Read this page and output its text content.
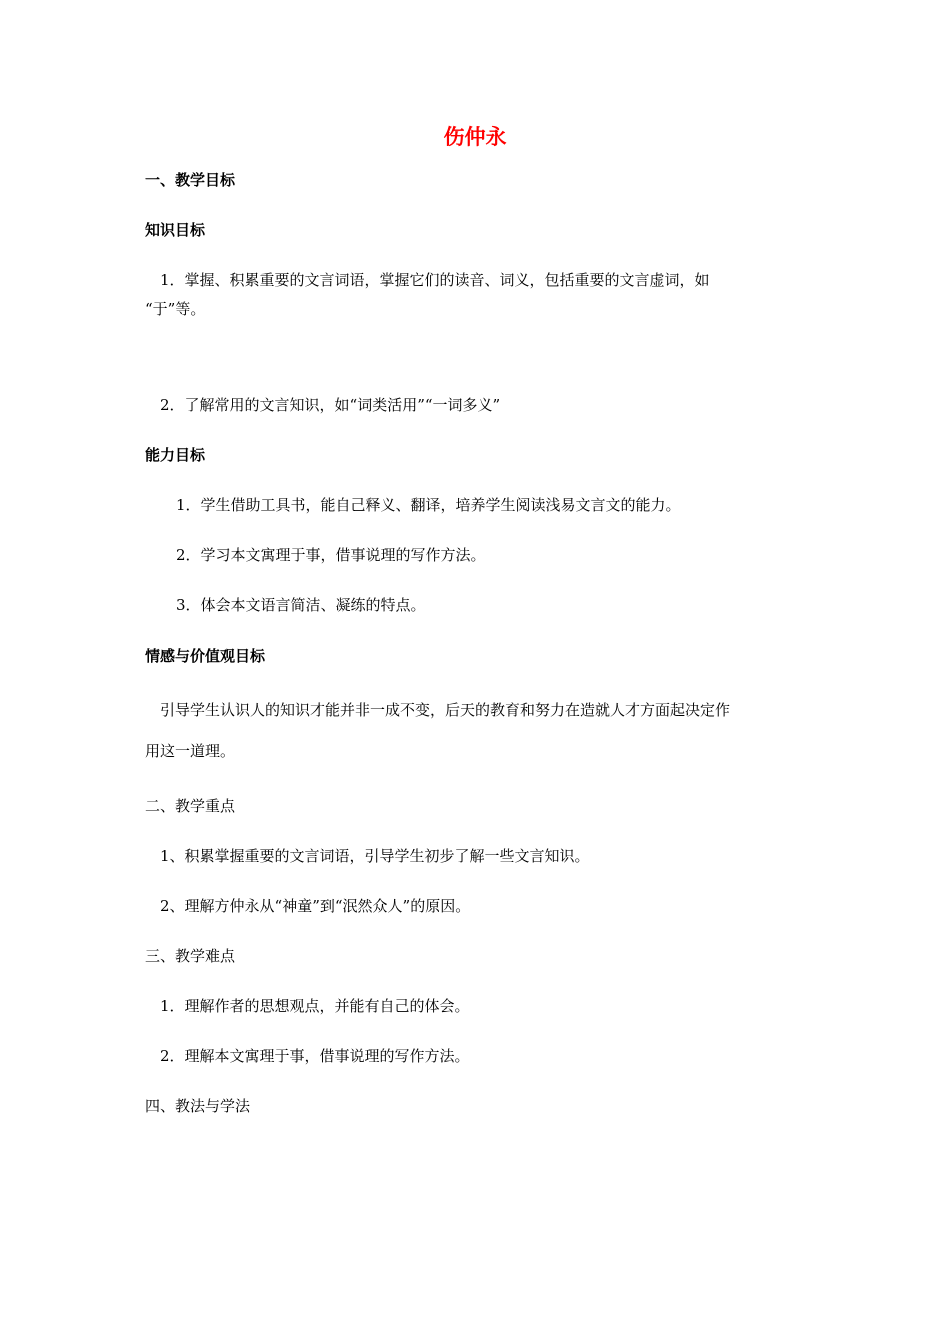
伤仲永
一、教学目标
知识目标
1．掌握、积累重要的文言词语，掌握它们的读音、词义，包括重要的文言虚词，如
“于”等。
2．了解常用的文言知识，如“词类活用”“一词多义”
能力目标
1．学生借助工具书，能自己释义、翻译，培养学生阅读浅易文言文的能力。
2．学习本文寓理于事，借事说理的写作方法。
3．体会本文语言简洁、凝练的特点。
情感与价值观目标
引导学生认识人的知识才能并非一成不变，后天的教育和努力在造就人才方面起决定作
用这一道理。
二、教学重点
1、积累掌握重要的文言词语，引导学生初步了解一些文言知识。
2、理解方仲永从“神童”到“泯然众人”的原因。
三、教学难点
1．理解作者的思想观点，并能有自己的体会。
2．理解本文寓理于事，借事说理的写作方法。
四、教法与学法
